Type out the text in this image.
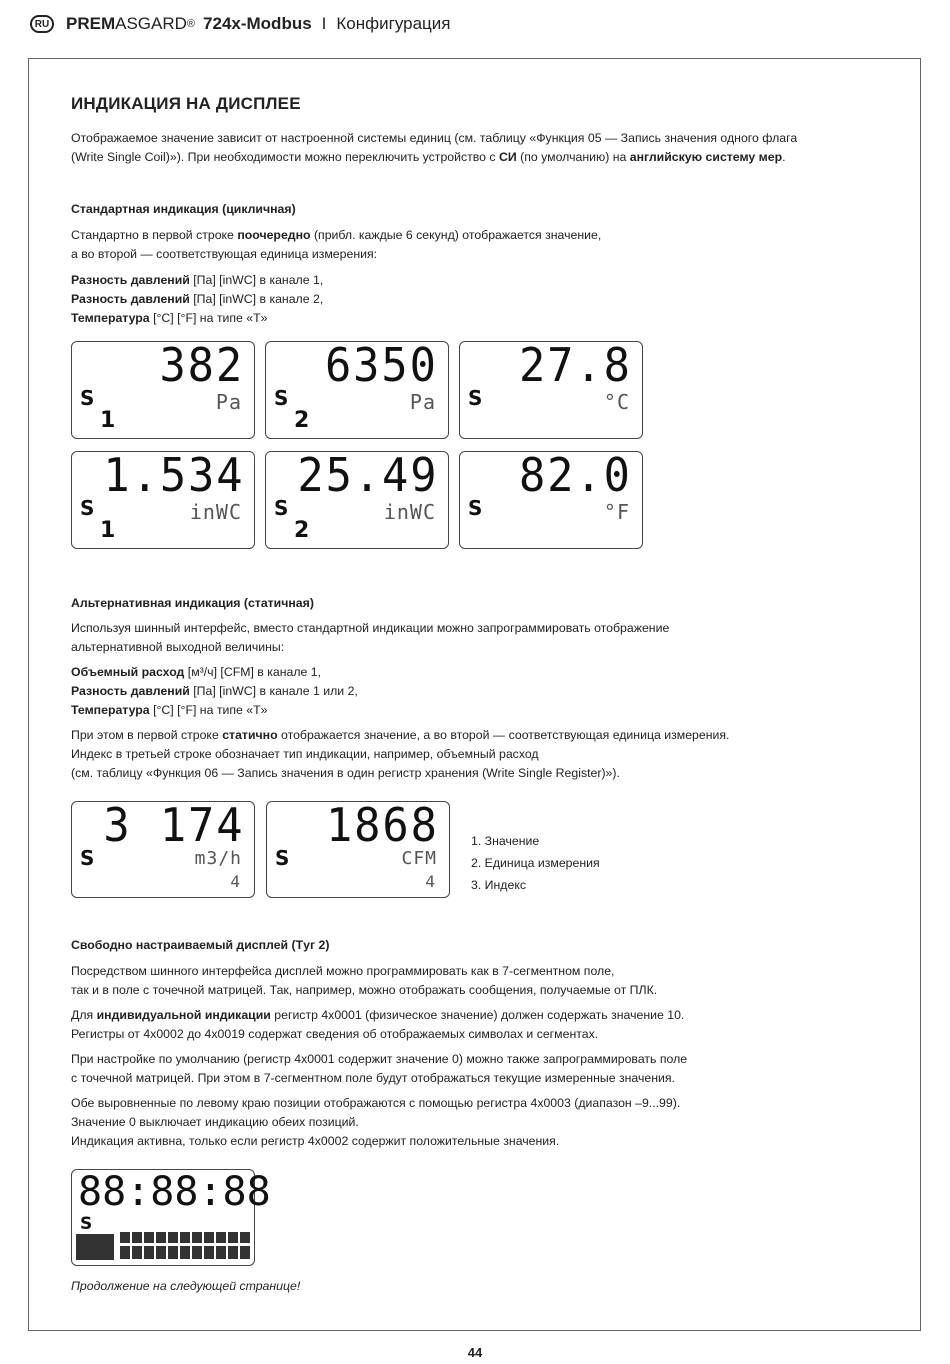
RU PREM ASGARD ® 724x-Modbus I Конфигурация
ИНДИКАЦИЯ НА ДИСПЛЕЕ

Отображаемое значение зависит от настроенной системы единиц (см. таблицу «Функция 05 — Запись значения одного флага

(Write Single Coil)»). При необходимости можно переключить устройство с СИ (по умолчанию) на английскую систему мер.

Стандартная индикация (цикличная)

Стандартно в первой строке поочередно (прибл. каждые 6 секунд) отображается значение,

а во второй — соответствующая единица измерения:

Разность давлений [Па] [inWC] в канале 1,

Разность давлений [Па] [inWC] в канале 2,

Температура [°C] [°F] на типе «T»

382
Pa
S
1
6350
Pa
S
2
27.8
°C
S
1.534
inWC
S
1
25.49
inWC
S
2
82.0
°F
S

Альтернативная индикация (статичная)

Используя шинный интерфейс, вместо стандартной индикации можно запрограммировать отображение

альтернативной выходной величины:

Объемный расход [м³/ч] [CFM] в канале 1,

Разность давлений [Па] [inWC] в канале 1 или 2,

Температура [°C] [°F] на типе «T»

При этом в первой строке статично отображается значение, а во второй — соответствующая единица измерения.

Индекс в третьей строке обозначает тип индикации, например, объемный расход

(см. таблицу «Функция 06 — Запись значения в один регистр хранения (Write Single Register)»).

3 174
m3/h
S
4
1868
CFM
S
4
1. Значение
2. Единица измерения
3. Индекс

Свободно настраиваемый дисплей (Тyг 2)

Посредством шинного интерфейса дисплей можно программировать как в 7-сегментном поле,

так и в поле с точечной матрицей. Так, например, можно отображать сообщения, получаемые от ПЛК.

Для индивидуальной индикации регистр 4x0001 (физическое значение) должен содержать значение 10.

Регистры от 4x0002 до 4x0019 содержат сведения об отображаемых символах и сегментах.

При настройке по умолчанию (регистр 4x0001 содержит значение 0) можно также запрограммировать поле

с точечной матрицей. При этом в 7-сегментном поле будут отображаться текущие измеренные значения.

Обе выровненные по левому краю позиции отображаются с помощью регистра 4x0003 (диапазон –9...99).

Значение 0 выключает индикацию обеих позиций.

Индикация активна, только если регистр 4x0002 содержит положительные значения.

88:88:88
S
Продолжение на следующей странице!
44
